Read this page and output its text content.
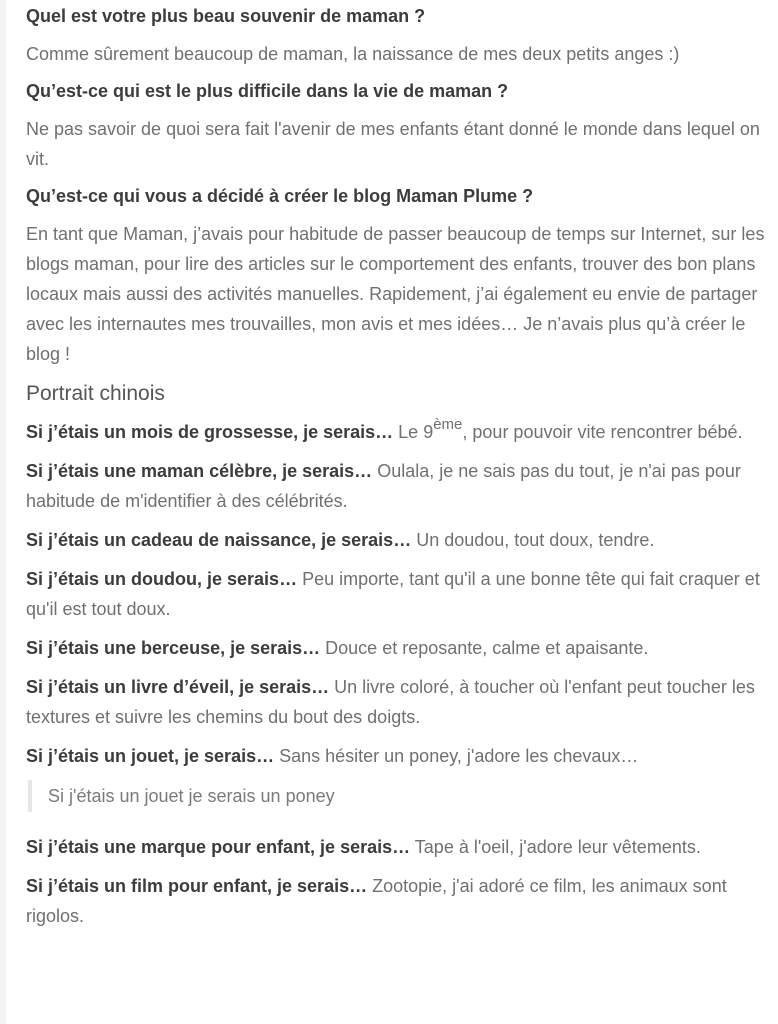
Quel est votre plus beau souvenir de maman ?

Comme sûrement beaucoup de maman, la naissance de mes deux petits anges :)

Qu’est-ce qui est le plus difficile dans la vie de maman ?

Ne pas savoir de quoi sera fait l'avenir de mes enfants étant donné le monde dans lequel on vit.

Qu’est-ce qui vous a décidé à créer le blog Maman Plume ?

En tant que Maman, j’avais pour habitude de passer beaucoup de temps sur Internet, sur les blogs maman, pour lire des articles sur le comportement des enfants, trouver des bon plans locaux mais aussi des activités manuelles. Rapidement, j’ai également eu envie de partager avec les internautes mes trouvailles, mon avis et mes idées… Je n’avais plus qu’à créer le blog !

Portrait chinois

Si j’étais un mois de grossesse, je serais… Le 9ème, pour pouvoir vite rencontrer bébé.

Si j’étais une maman célèbre, je serais… Oulala, je ne sais pas du tout, je n'ai pas pour habitude de m'identifier à des célébrités.

Si j’étais un cadeau de naissance, je serais… Un doudou, tout doux, tendre.

Si j’étais un doudou, je serais… Peu importe, tant qu'il a une bonne tête qui fait craquer et qu'il est tout doux.

Si j’étais une berceuse, je serais… Douce et reposante, calme et apaisante.

Si j’étais un livre d’éveil, je serais… Un livre coloré, à toucher où l'enfant peut toucher les textures et suivre les chemins du bout des doigts.

Si j’étais un jouet, je serais… Sans hésiter un poney, j'adore les chevaux…

Si j'étais un jouet je serais un poney

Si j’étais une marque pour enfant, je serais… Tape à l'oeil, j'adore leur vêtements.

Si j’étais un film pour enfant, je serais… Zootopie, j'ai adoré ce film, les animaux sont rigolos.
